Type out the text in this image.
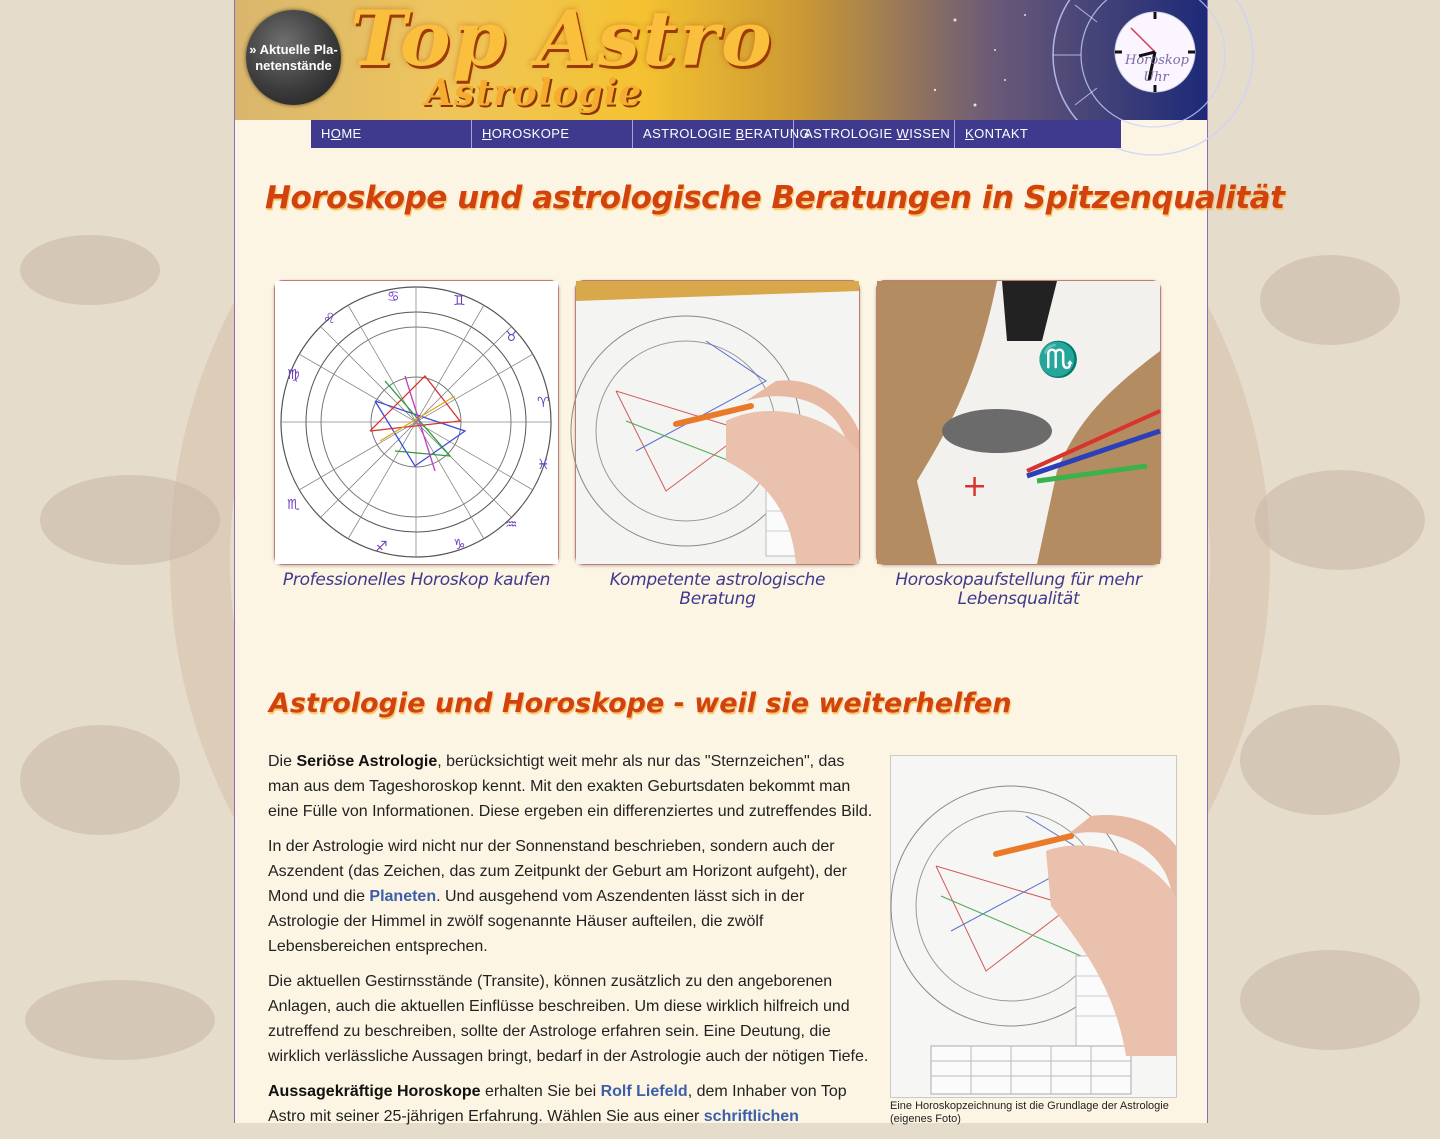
» Aktuelle Pla-netenstände Top Astro
Astrologie
Horoskop
Uhr
HOME	HOROSKOPE	ASTROLOGIE BERATUNG
ASTROLOGIE WISSEN	KONTAKT
Horoskope und astrologische Beratungen in Spitzenqualität
♋	♊
♌
♉
♍
♈
♓
♏
♒
♐	♑
Professionelles Horoskop kaufen	Kompetente astrologische Beratung
♏
+
Horoskopaufstellung für mehr Lebensqualität
Astrologie und Horoskope - weil sie weiterhelfen

Die Seriöse Astrologie, berücksichtigt weit mehr als nur das "Sternzeichen", das man aus dem Tageshoroskop kennt. Mit den exakten Geburtsdaten bekommt man eine Fülle von Informationen. Diese ergeben ein differenziertes und zutreffendes Bild.

In der Astrologie wird nicht nur der Sonnenstand beschrieben, sondern auch der Aszendent (das Zeichen, das zum Zeitpunkt der Geburt am Horizont aufgeht), der Mond und die Planeten. Und ausgehend vom Aszendenten lässt sich in der Astrologie der Himmel in zwölf sogenannte Häuser aufteilen, die zwölf Lebensbereichen entsprechen.

Die aktuellen Gestirnsstände (Transite), können zusätzlich zu den angeborenen Anlagen, auch die aktuellen Einflüsse beschreiben. Um diese wirklich hilfreich und zutreffend zu beschreiben, sollte der Astrologe erfahren sein. Eine Deutung, die wirklich verlässliche Aussagen bringt, bedarf in der Astrologie auch der nötigen Tiefe.

Aussagekräftige Horoskope erhalten Sie bei Rolf Liefeld, dem Inhaber von Top Astro mit seiner 25-jährigen Erfahrung. Wählen Sie aus einer schriftlichen

Eine Horoskopzeichnung ist die Grundlage der Astrologie (eigenes Foto)
